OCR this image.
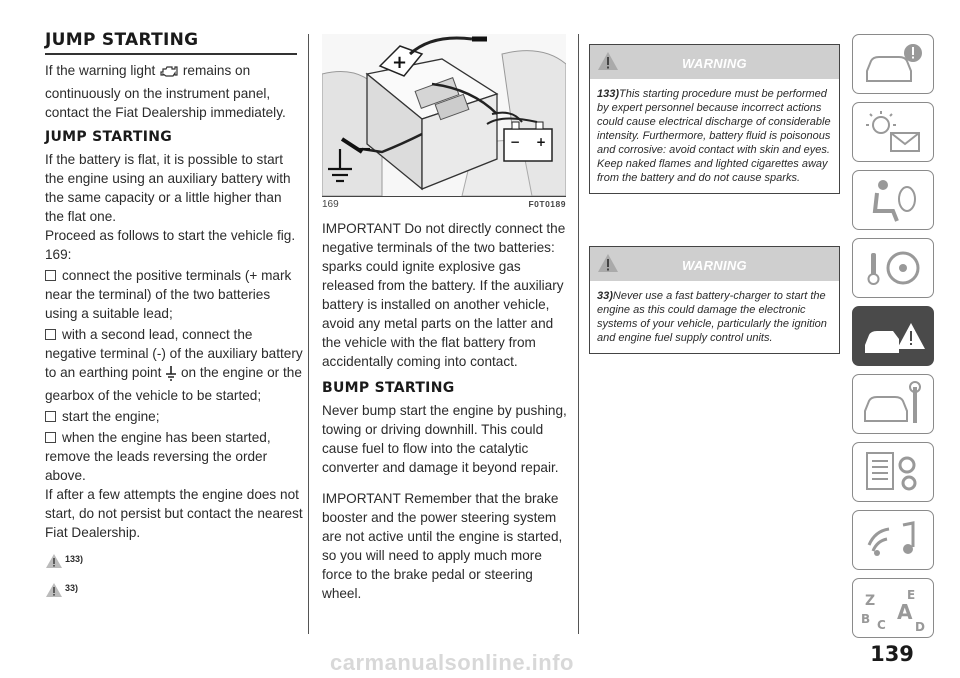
JUMP STARTING

If the warning light remains on continuously on the instrument panel, contact the Fiat Dealership immediately.

JUMP STARTING

If the battery is flat, it is possible to start the engine using an auxiliary battery with the same capacity or a little higher than the flat one.

Proceed as follows to start the vehicle fig. 169:

connect the positive terminals (+ mark near the terminal) of the two batteries using a suitable lead;

with a second lead, connect the negative terminal (-) of the auxiliary battery to an earthing point on the engine or the gearbox of the vehicle to be started;

start the engine;

when the engine has been started, remove the leads reversing the order above.

If after a few attempts the engine does not start, do not persist but contact the nearest Fiat Dealership.

133)
33)
+
− +
−
169	F0T0189

IMPORTANT Do not directly connect the negative terminals of the two batteries: sparks could ignite explosive gas released from the battery. If the auxiliary battery is installed on another vehicle, avoid any metal parts on the latter and the vehicle with the flat battery from accidentally coming into contact.

BUMP STARTING

Never bump start the engine by pushing, towing or driving downhill. This could cause fuel to flow into the catalytic converter and damage it beyond repair.

IMPORTANT Remember that the brake booster and the power steering system are not active until the engine is started, so you will need to apply much more force to the brake pedal or steering wheel.

WARNING
133)This starting procedure must be performed by expert personnel because incorrect actions could cause electrical discharge of considerable intensity. Furthermore, battery fluid is poisonous and corrosive: avoid contact with skin and eyes. Keep naked flames and lighted cigarettes away from the battery and do not cause sparks.
WARNING
33)Never use a fast battery-charger to start the engine as this could damage the electronic systems of your vehicle, particularly the ignition and engine fuel supply control units.
Z	E
B A
C D
139
carmanualsonline.info
